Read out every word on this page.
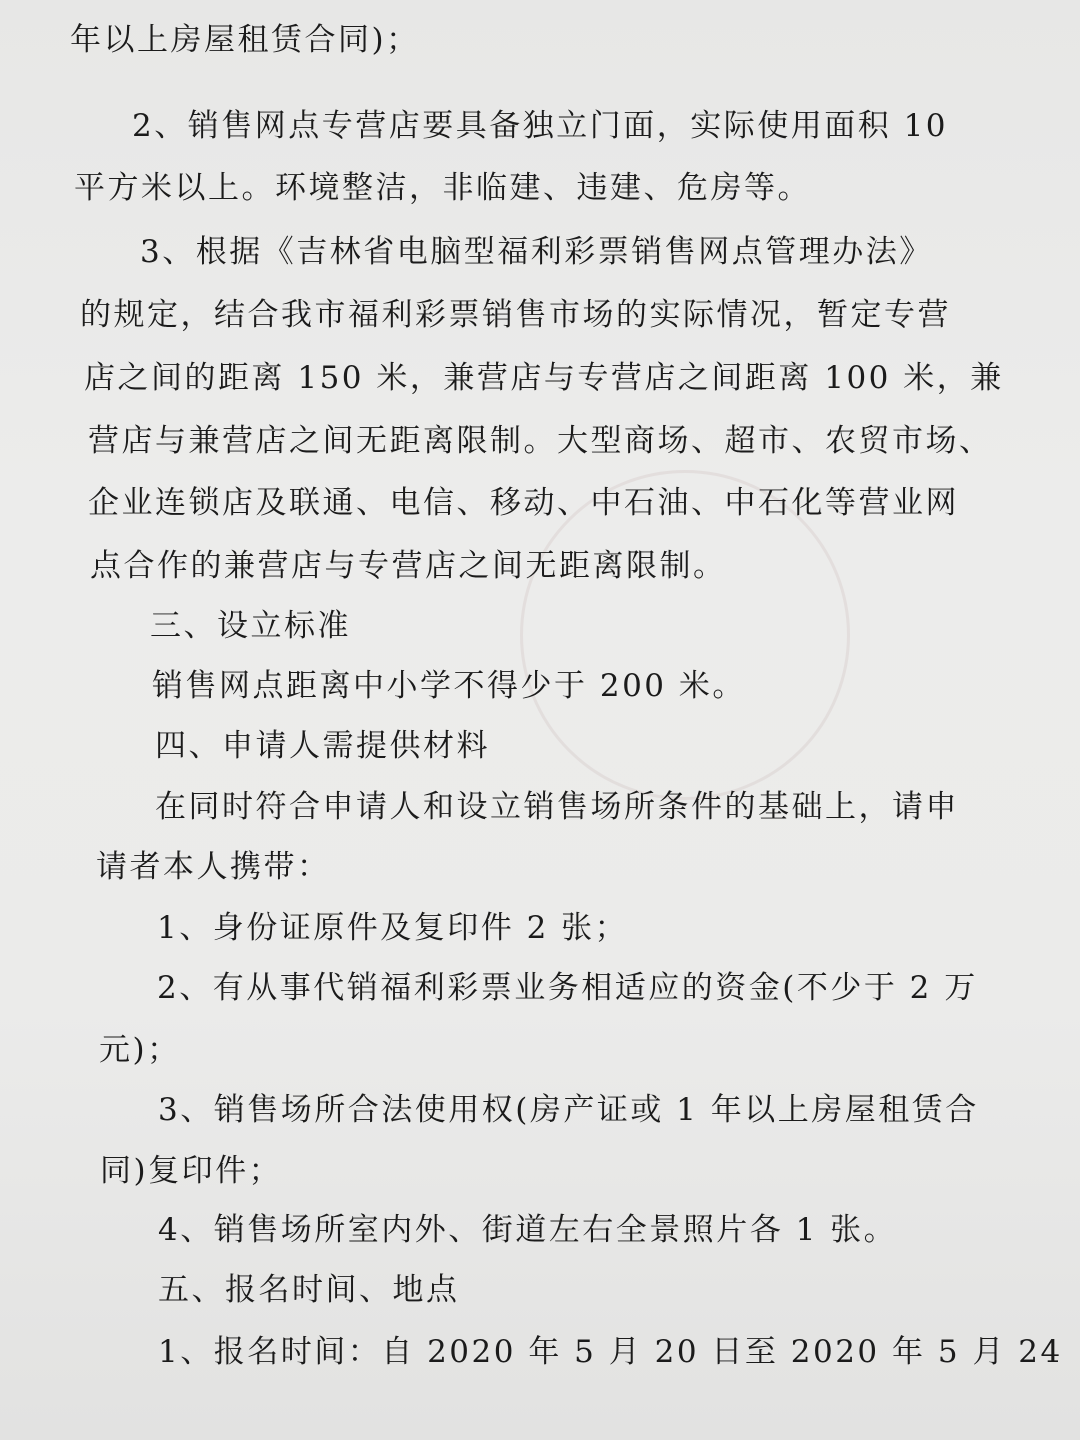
年以上房屋租赁合同)；
2、销售网点专营店要具备独立门面，实际使用面积 10
平方米以上。环境整洁，非临建、违建、危房等。
3、根据《吉林省电脑型福利彩票销售网点管理办法》
的规定，结合我市福利彩票销售市场的实际情况，暂定专营
店之间的距离 150 米，兼营店与专营店之间距离 100 米，兼
营店与兼营店之间无距离限制。大型商场、超市、农贸市场、
企业连锁店及联通、电信、移动、中石油、中石化等营业网
点合作的兼营店与专营店之间无距离限制。
三、设立标准
销售网点距离中小学不得少于 200 米。
四、申请人需提供材料
在同时符合申请人和设立销售场所条件的基础上，请申
请者本人携带：
1、身份证原件及复印件 2 张；
2、有从事代销福利彩票业务相适应的资金(不少于 2 万
元)；
3、销售场所合法使用权(房产证或 1 年以上房屋租赁合
同)复印件；
4、销售场所室内外、街道左右全景照片各 1 张。
五、报名时间、地点
1、报名时间：自 2020 年 5 月 20 日至 2020 年 5 月 24
